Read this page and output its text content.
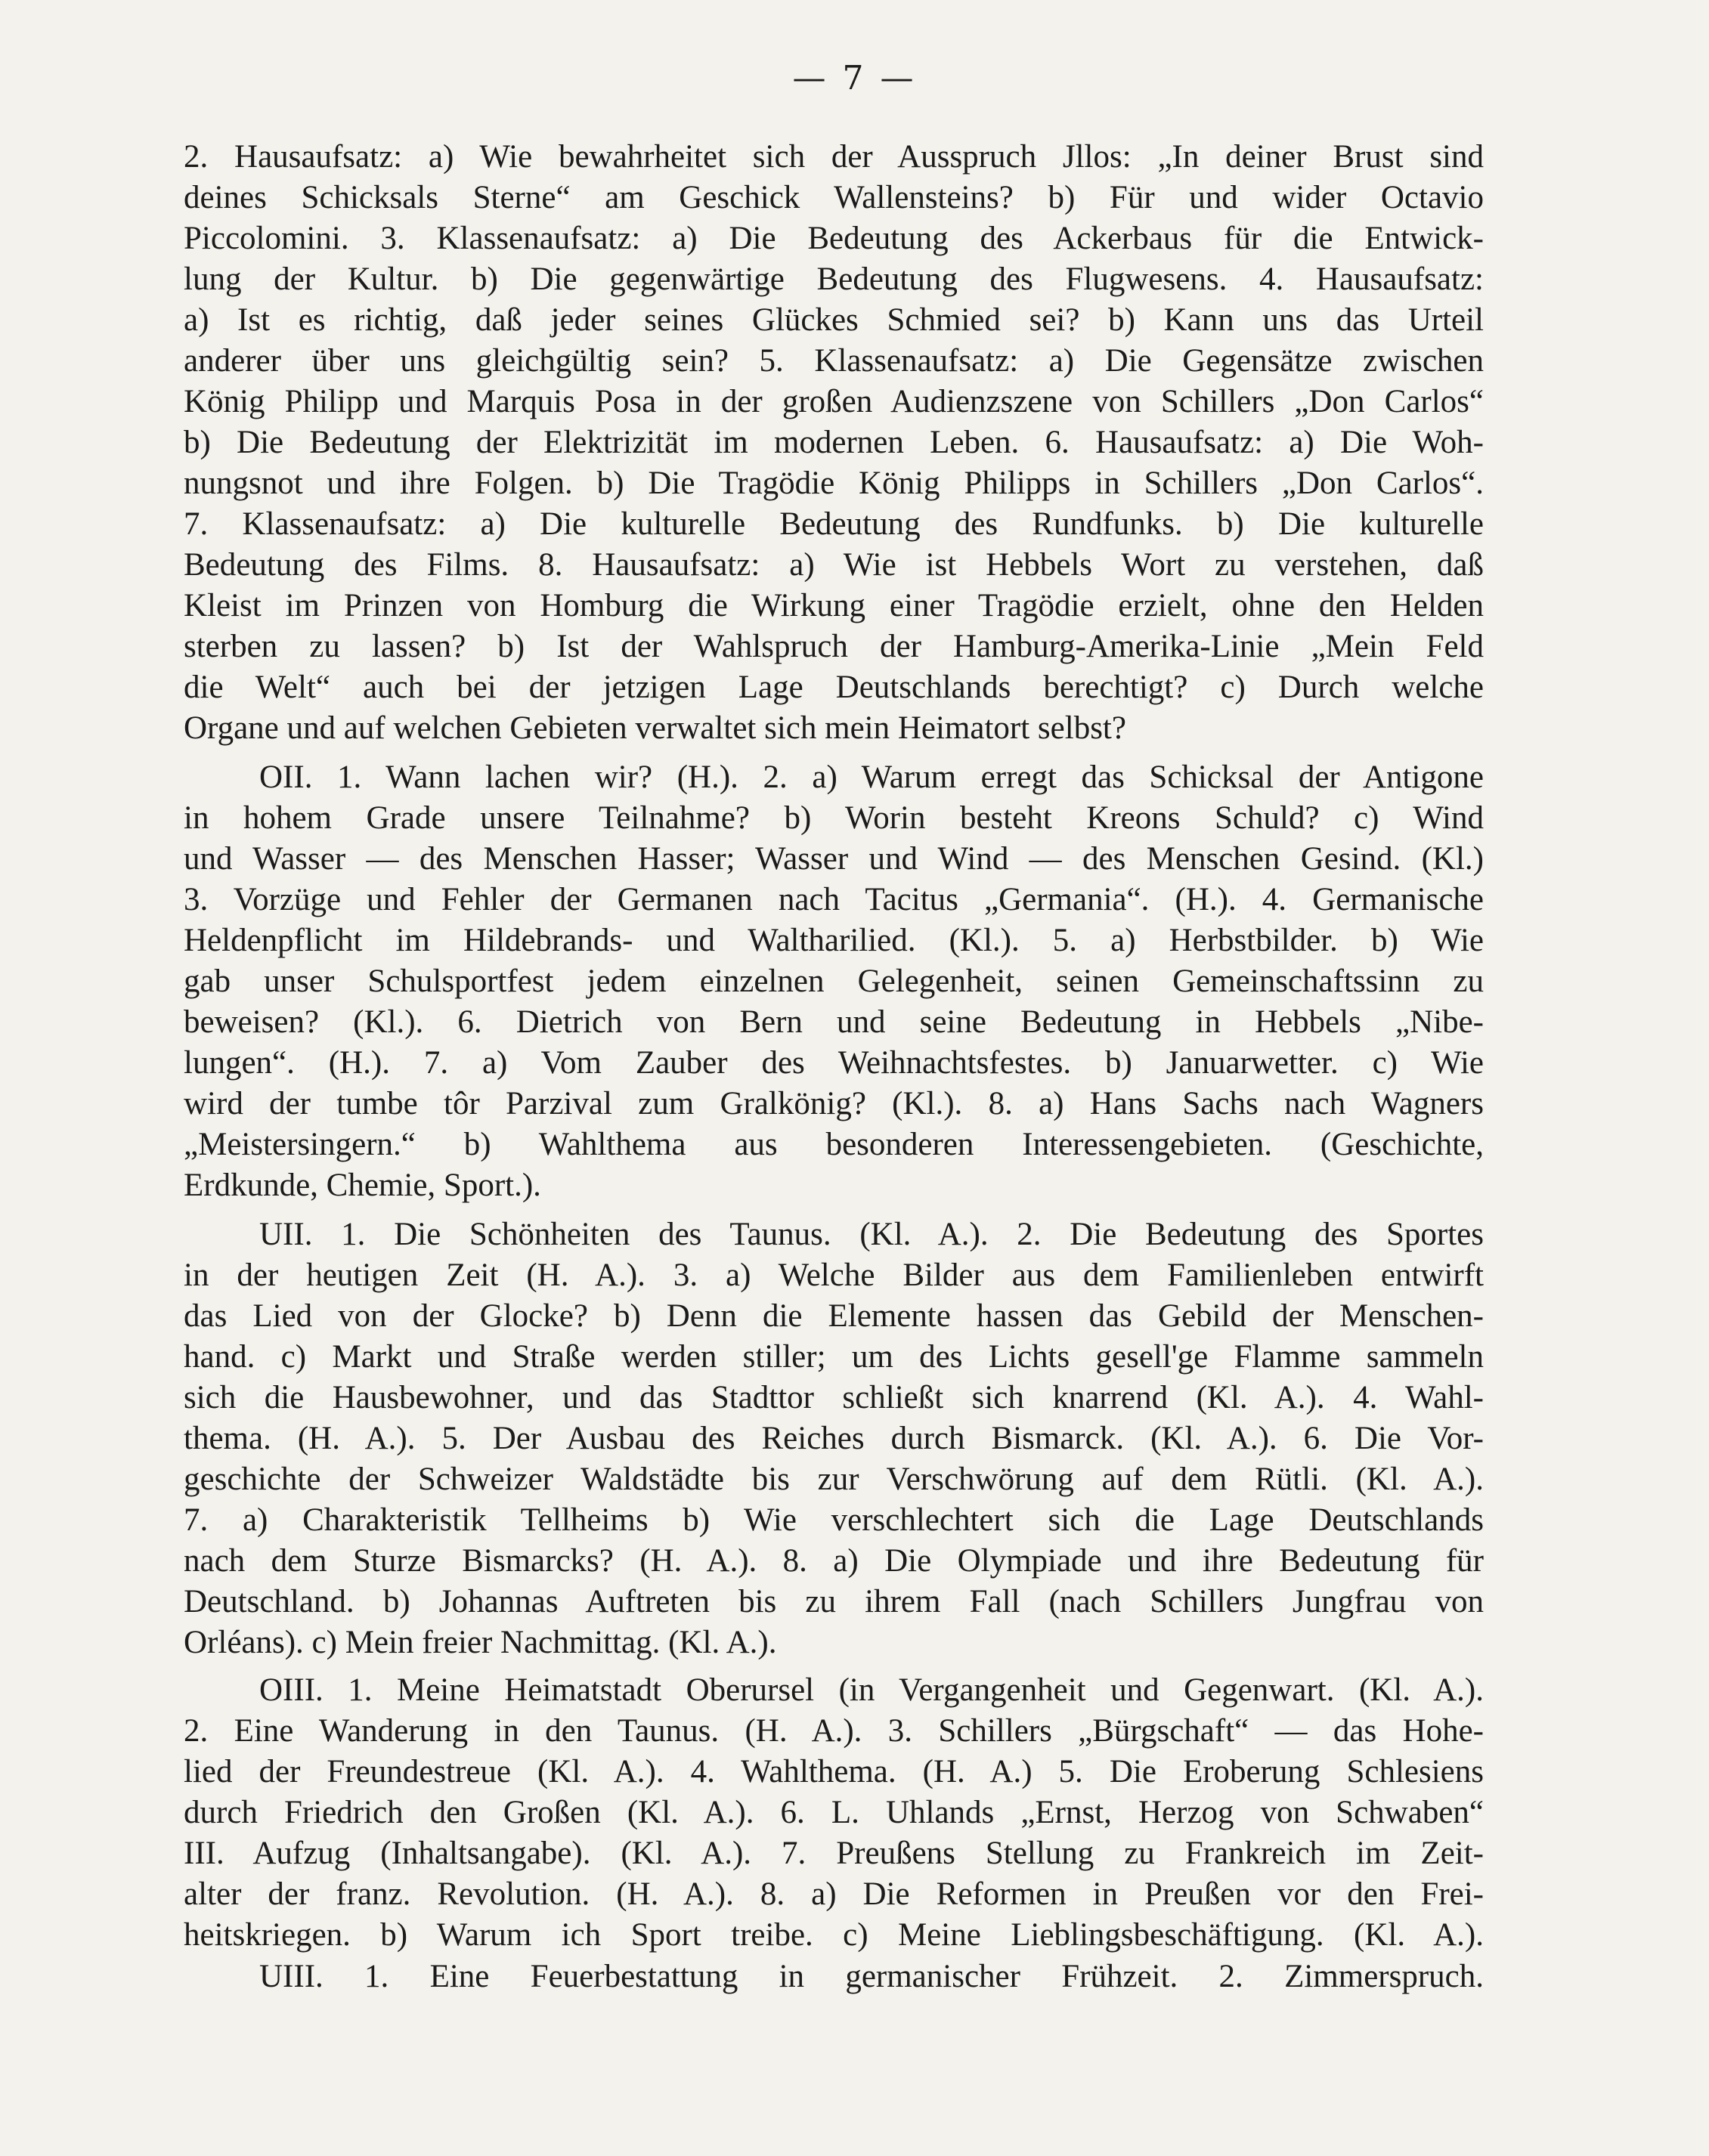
— 7 —
2. Hausaufsatz: a) Wie bewahrheitet sich der Ausspruch Jllos: „In deiner Brust sind
deines Schicksals Sterne“ am Geschick Wallensteins? b) Für und wider Octavio
Piccolomini. 3. Klassenaufsatz: a) Die Bedeutung des Ackerbaus für die Entwick-
lung der Kultur. b) Die gegenwärtige Bedeutung des Flugwesens. 4. Hausaufsatz:
a) Ist es richtig, daß jeder seines Glückes Schmied sei? b) Kann uns das Urteil
anderer über uns gleichgültig sein? 5. Klassenaufsatz: a) Die Gegensätze zwischen
König Philipp und Marquis Posa in der großen Audienzszene von Schillers „Don Carlos“
b) Die Bedeutung der Elektrizität im modernen Leben. 6. Hausaufsatz: a) Die Woh-
nungsnot und ihre Folgen. b) Die Tragödie König Philipps in Schillers „Don Carlos“.
7. Klassenaufsatz: a) Die kulturelle Bedeutung des Rundfunks. b) Die kulturelle
Bedeutung des Films. 8. Hausaufsatz: a) Wie ist Hebbels Wort zu verstehen, daß
Kleist im Prinzen von Homburg die Wirkung einer Tragödie erzielt, ohne den Helden
sterben zu lassen? b) Ist der Wahlspruch der Hamburg-Amerika-Linie „Mein Feld
die Welt“ auch bei der jetzigen Lage Deutschlands berechtigt? c) Durch welche
Organe und auf welchen Gebieten verwaltet sich mein Heimatort selbst?
OII. 1. Wann lachen wir? (H.). 2. a) Warum erregt das Schicksal der Antigone
in hohem Grade unsere Teilnahme? b) Worin besteht Kreons Schuld? c) Wind
und Wasser — des Menschen Hasser; Wasser und Wind — des Menschen Gesind. (Kl.)
3. Vorzüge und Fehler der Germanen nach Tacitus „Germania“. (H.). 4. Germanische
Heldenpflicht im Hildebrands- und Waltharilied. (Kl.). 5. a) Herbstbilder. b) Wie
gab unser Schulsportfest jedem einzelnen Gelegenheit, seinen Gemeinschaftssinn zu
beweisen? (Kl.). 6. Dietrich von Bern und seine Bedeutung in Hebbels „Nibe-
lungen“. (H.). 7. a) Vom Zauber des Weihnachtsfestes. b) Januarwetter. c) Wie
wird der tumbe tôr Parzival zum Gralkönig? (Kl.). 8. a) Hans Sachs nach Wagners
„Meistersingern.“ b) Wahlthema aus besonderen Interessengebieten. (Geschichte,
Erdkunde, Chemie, Sport.).
UII. 1. Die Schönheiten des Taunus. (Kl. A.). 2. Die Bedeutung des Sportes
in der heutigen Zeit (H. A.). 3. a) Welche Bilder aus dem Familienleben entwirft
das Lied von der Glocke? b) Denn die Elemente hassen das Gebild der Menschen-
hand. c) Markt und Straße werden stiller; um des Lichts gesell'ge Flamme sammeln
sich die Hausbewohner, und das Stadttor schließt sich knarrend (Kl. A.). 4. Wahl-
thema. (H. A.). 5. Der Ausbau des Reiches durch Bismarck. (Kl. A.). 6. Die Vor-
geschichte der Schweizer Waldstädte bis zur Verschwörung auf dem Rütli. (Kl. A.).
7. a) Charakteristik Tellheims b) Wie verschlechtert sich die Lage Deutschlands
nach dem Sturze Bismarcks? (H. A.). 8. a) Die Olympiade und ihre Bedeutung für
Deutschland. b) Johannas Auftreten bis zu ihrem Fall (nach Schillers Jungfrau von
Orléans). c) Mein freier Nachmittag. (Kl. A.).
OIII. 1. Meine Heimatstadt Oberursel (in Vergangenheit und Gegenwart. (Kl. A.).
2. Eine Wanderung in den Taunus. (H. A.). 3. Schillers „Bürgschaft“ — das Hohe-
lied der Freundestreue (Kl. A.). 4. Wahlthema. (H. A.) 5. Die Eroberung Schlesiens
durch Friedrich den Großen (Kl. A.). 6. L. Uhlands „Ernst, Herzog von Schwaben“
III. Aufzug (Inhaltsangabe). (Kl. A.). 7. Preußens Stellung zu Frankreich im Zeit-
alter der franz. Revolution. (H. A.). 8. a) Die Reformen in Preußen vor den Frei-
heitskriegen. b) Warum ich Sport treibe. c) Meine Lieblingsbeschäftigung. (Kl. A.).
UIII. 1. Eine Feuerbestattung in germanischer Frühzeit. 2. Zimmerspruch.
